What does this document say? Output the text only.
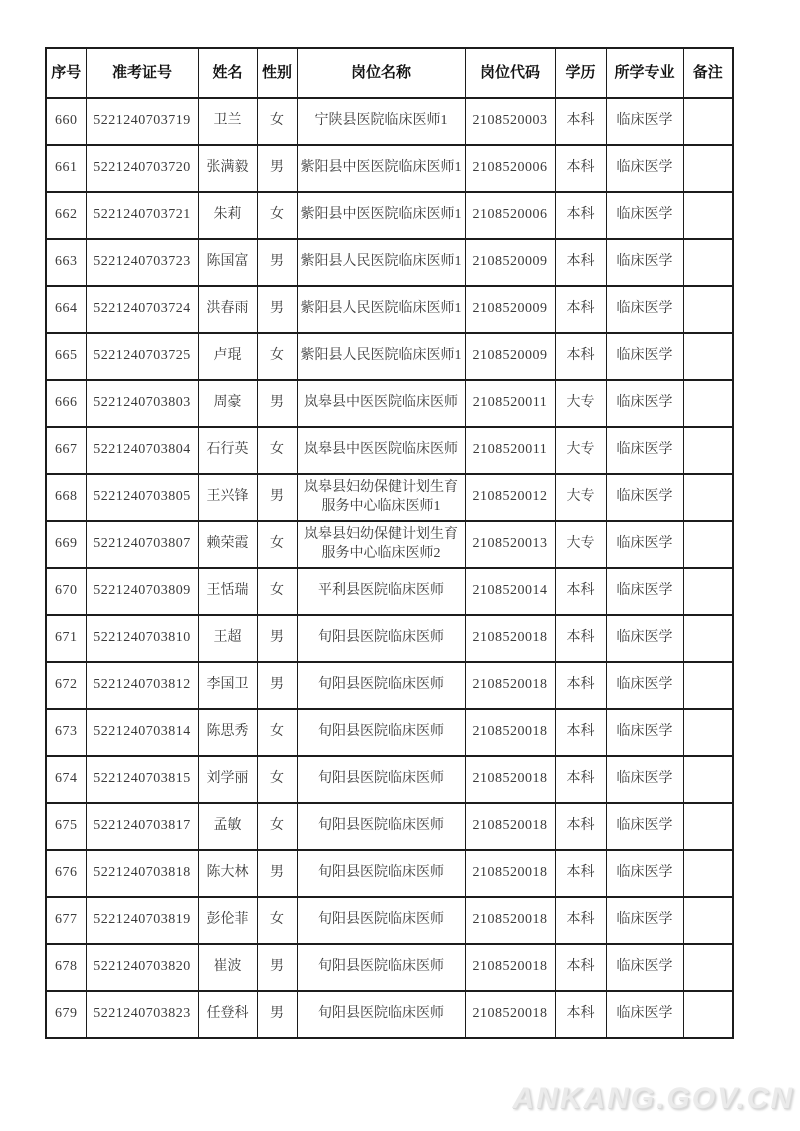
序号	准考证号	姓名	性别	岗位名称	岗位代码	学历	所学专业	备注
660	5221240703719	卫兰	女	宁陕县医院临床医师1	2108520003	本科	临床医学	
661	5221240703720	张满毅	男	紫阳县中医医院临床医师1	2108520006	本科	临床医学	
662	5221240703721	朱莉	女	紫阳县中医医院临床医师1	2108520006	本科	临床医学	
663	5221240703723	陈国富	男	紫阳县人民医院临床医师1	2108520009	本科	临床医学	
664	5221240703724	洪春雨	男	紫阳县人民医院临床医师1	2108520009	本科	临床医学	
665	5221240703725	卢琨	女	紫阳县人民医院临床医师1	2108520009	本科	临床医学	
666	5221240703803	周豪	男	岚皋县中医医院临床医师	2108520011	大专	临床医学	
667	5221240703804	石行英	女	岚皋县中医医院临床医师	2108520011	大专	临床医学	
668	5221240703805	王兴锋	男	岚皋县妇幼保健计划生育服务中心临床医师1	2108520012	大专	临床医学	
669	5221240703807	赖荣霞	女	岚皋县妇幼保健计划生育服务中心临床医师2	2108520013	大专	临床医学	
670	5221240703809	王恬瑞	女	平利县医院临床医师	2108520014	本科	临床医学	
671	5221240703810	王超	男	旬阳县医院临床医师	2108520018	本科	临床医学	
672	5221240703812	李国卫	男	旬阳县医院临床医师	2108520018	本科	临床医学	
673	5221240703814	陈思秀	女	旬阳县医院临床医师	2108520018	本科	临床医学	
674	5221240703815	刘学丽	女	旬阳县医院临床医师	2108520018	本科	临床医学	
675	5221240703817	孟敏	女	旬阳县医院临床医师	2108520018	本科	临床医学	
676	5221240703818	陈大林	男	旬阳县医院临床医师	2108520018	本科	临床医学	
677	5221240703819	彭伦菲	女	旬阳县医院临床医师	2108520018	本科	临床医学	
678	5221240703820	崔波	男	旬阳县医院临床医师	2108520018	本科	临床医学	
679	5221240703823	任登科	男	旬阳县医院临床医师	2108520018	本科	临床医学	
ANKANG.GOV.CN
